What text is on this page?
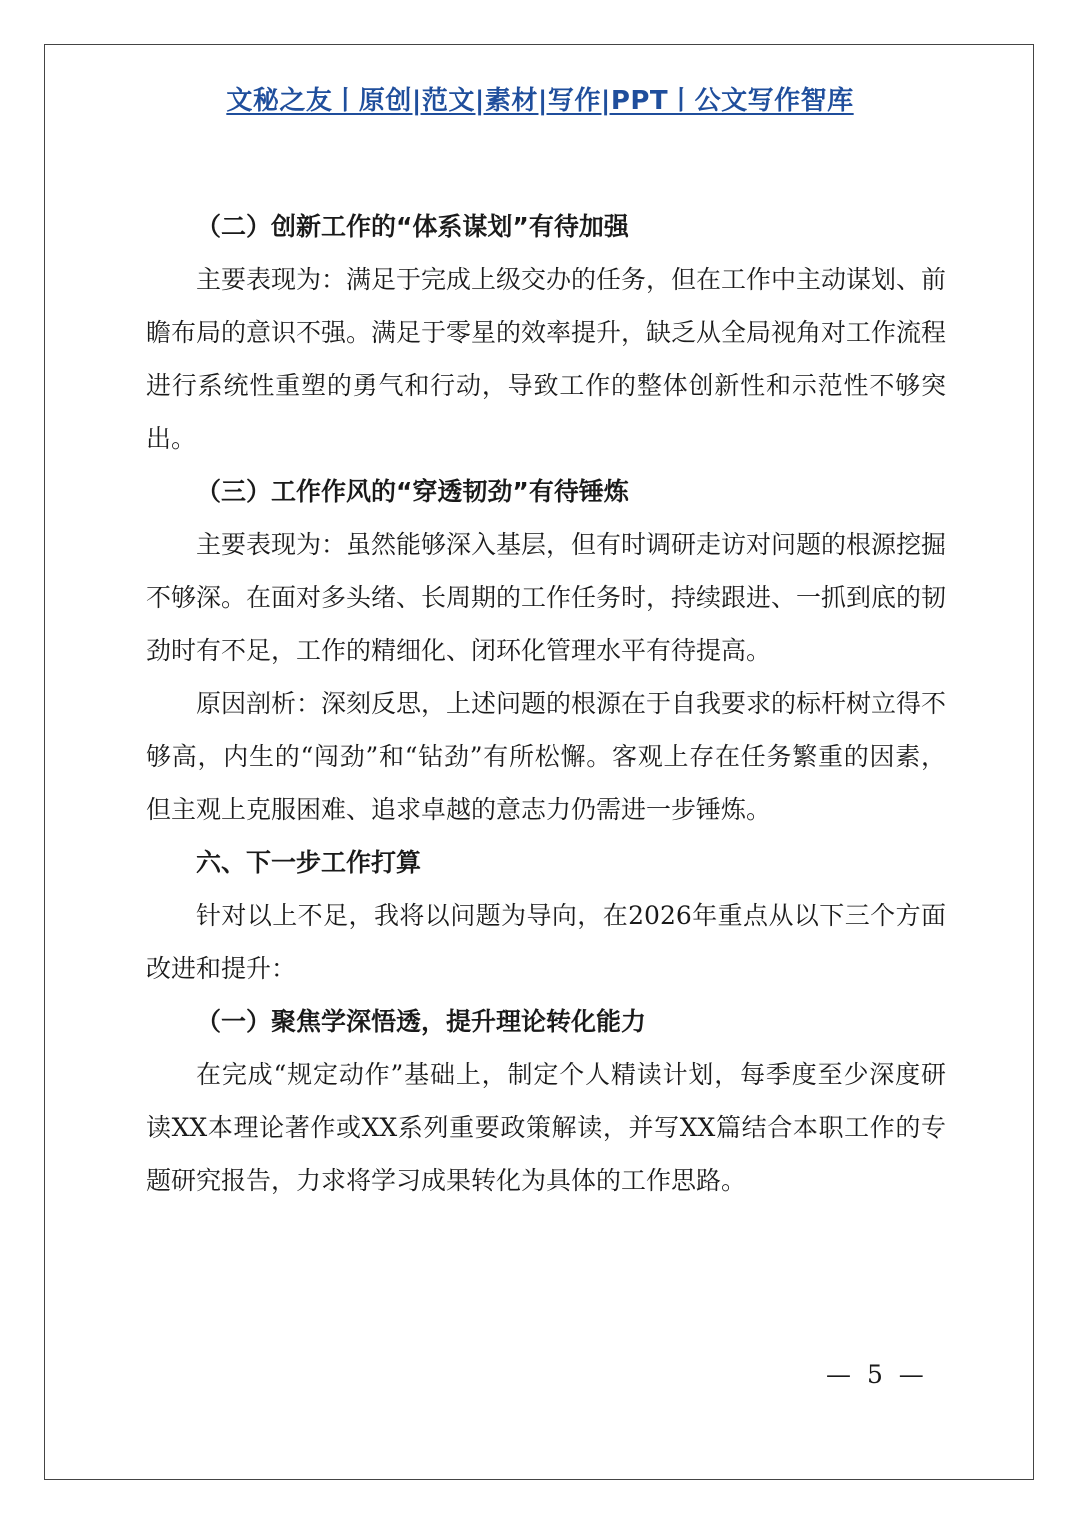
文秘之友丨原创|范文|素材|写作|PPT丨公文写作智库

（二）创新工作的“体系谋划”有待加强

主要表现为：满足于完成上级交办的任务，但在工作中主动谋划、前瞻布局的意识不强。满足于零星的效率提升，缺乏从全局视角对工作流程进行系统性重塑的勇气和行动，导致工作的整体创新性和示范性不够突出。

（三）工作作风的“穿透韧劲”有待锤炼

主要表现为：虽然能够深入基层，但有时调研走访对问题的根源挖掘不够深。在面对多头绪、长周期的工作任务时，持续跟进、一抓到底的韧劲时有不足，工作的精细化、闭环化管理水平有待提高。

原因剖析：深刻反思，上述问题的根源在于自我要求的标杆树立得不够高，内生的“闯劲”和“钻劲”有所松懈。客观上存在任务繁重的因素，但主观上克服困难、追求卓越的意志力仍需进一步锤炼。

六、下一步工作打算

针对以上不足，我将以问题为导向，在2026年重点从以下三个方面改进和提升：

（一）聚焦学深悟透，提升理论转化能力

在完成“规定动作”基础上，制定个人精读计划，每季度至少深度研读XX本理论著作或XX系列重要政策解读，并写XX篇结合本职工作的专题研究报告，力求将学习成果转化为具体的工作思路。

— 5 —
